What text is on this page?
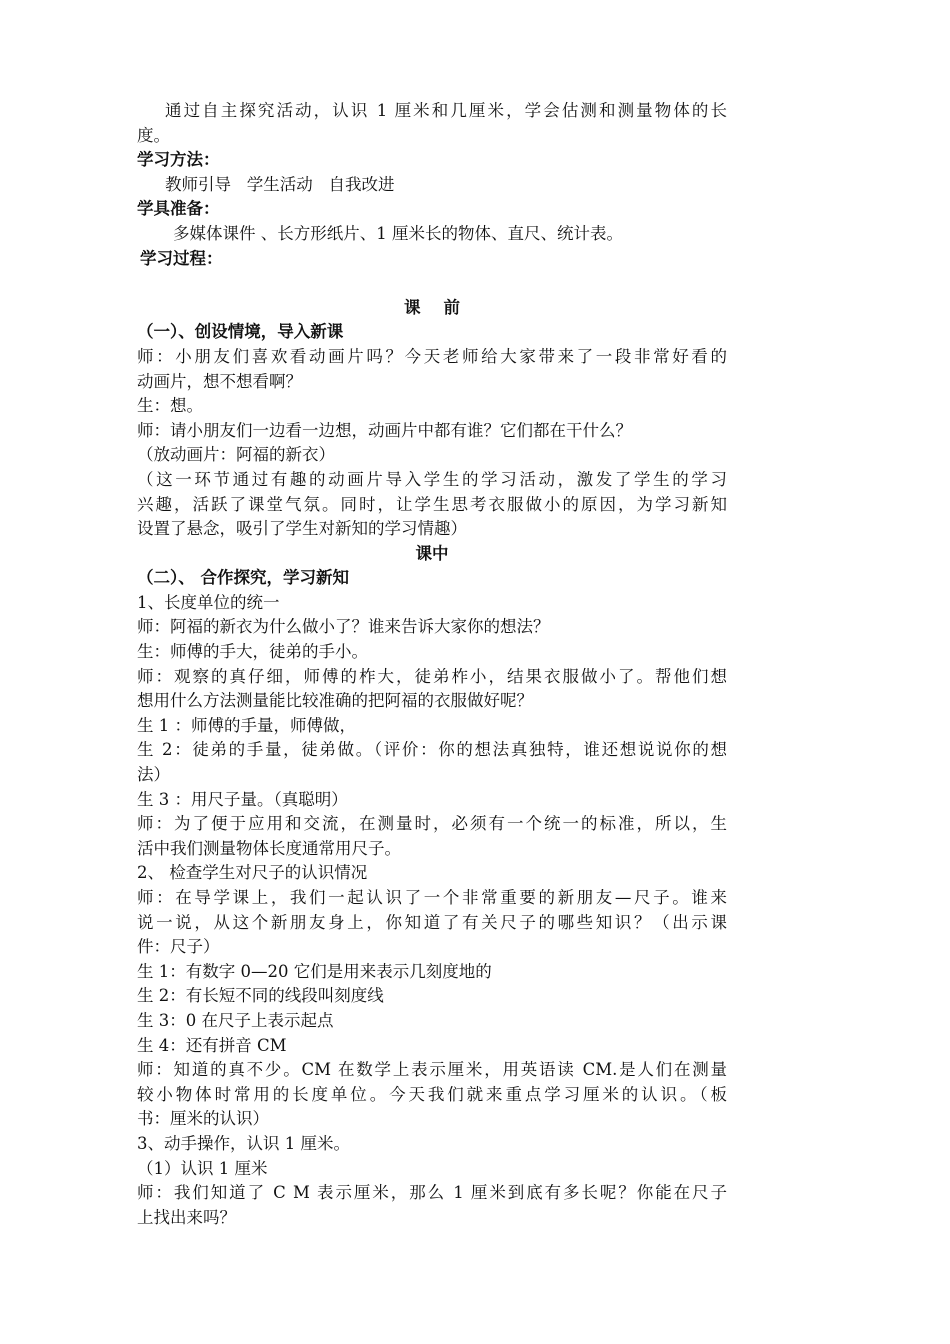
通过自主探究活动，认识 1 厘米和几厘米，学会估测和测量物体的长
度。
学习方法：
教师引导   学生活动   自我改进
学具准备：
多媒体课件 、长方形纸片、1 厘米长的物体、直尺、统计表。
学习过程：
课    前
（一）、创设情境，导入新课
师：小朋友们喜欢看动画片吗？今天老师给大家带来了一段非常好看的
动画片，想不想看啊？
生：想。
师：请小朋友们一边看一边想，动画片中都有谁？它们都在干什么？
（放动画片：阿福的新衣）
（这一环节通过有趣的动画片导入学生的学习活动，激发了学生的学习
兴趣，活跃了课堂气氛。同时，让学生思考衣服做小的原因，为学习新知
设置了悬念，吸引了学生对新知的学习情趣）
课中
（二）、 合作探究，学习新知
1、长度单位的统一
师：阿福的新衣为什么做小了？谁来告诉大家你的想法？
生：师傅的手大，徒弟的手小。
师：观察的真仔细，师傅的柞大，徒弟柞小，结果衣服做小了。帮他们想
想用什么方法测量能比较准确的把阿福的衣服做好呢？
生 1 ：师傅的手量，师傅做，
生 2：徒弟的手量，徒弟做。（评价：你的想法真独特，谁还想说说你的想
法）
生 3 ：用尺子量。（真聪明）
师：为了便于应用和交流，在测量时，必须有一个统一的标准，所以，生
活中我们测量物体长度通常用尺子。
2、 检查学生对尺子的认识情况
师：在导学课上，我们一起认识了一个非常重要的新朋友—尺子。谁来
说一说，从这个新朋友身上，你知道了有关尺子的哪些知识？（出示课
件：尺子）
生 1：有数字 0—20 它们是用来表示几刻度地的
生 2：有长短不同的线段叫刻度线
生 3：0 在尺子上表示起点
生 4：还有拼音 CM
师：知道的真不少。CM 在数学上表示厘米，用英语读 CM.是人们在测量
较小物体时常用的长度单位。今天我们就来重点学习厘米的认识。（板
书：厘米的认识）
3、动手操作，认识 1 厘米。
（1）认识 1 厘米
师：我们知道了 C M 表示厘米，那么 1 厘米到底有多长呢？你能在尺子
上找出来吗？
